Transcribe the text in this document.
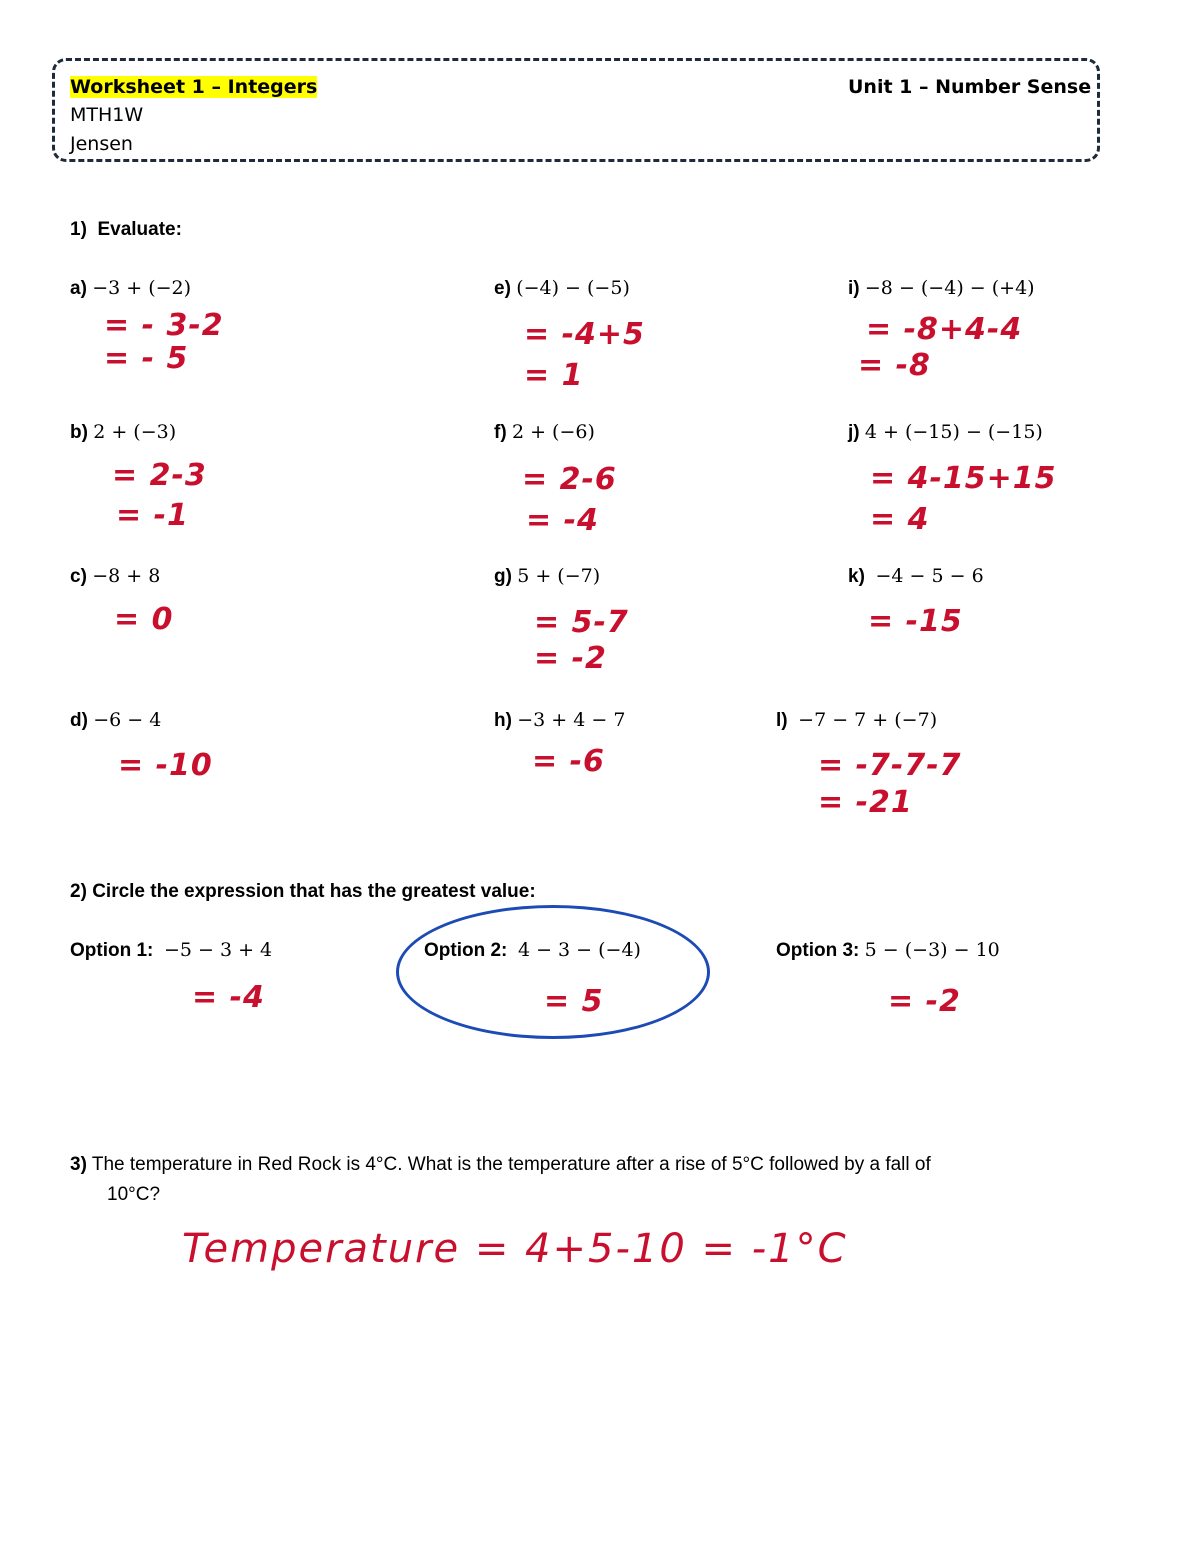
Worksheet 1 – Integers	Unit 1 – Number Sense
MTH1W
Jensen
1) Evaluate:
a) −3 + (−2)
= - 3-2
= - 5
b) 2 + (−3)
= 2-3
= -1
c) −8 + 8
= 0
d) −6 − 4
= -10
e) (−4) − (−5)
= -4+5
= 1
f) 2 + (−6)
= 2-6
= -4
g) 5 + (−7)
= 5-7
= -2
h) −3 + 4 − 7
= -6
i) −8 − (−4) − (+4)
= -8+4-4
= -8
j) 4 + (−15) − (−15)
= 4-15+15
= 4
k) −4 − 5 − 6
= -15
l) −7 − 7 + (−7)
= -7-7-7
= -21
2) Circle the expression that has the greatest value:
Option 1: −5 − 3 + 4
= -4
Option 2: 4 − 3 − (−4)
= 5
Option 3: 5 − (−3) − 10
= -2
3) The temperature in Red Rock is 4°C. What is the temperature after a rise of 5°C followed by a fall of
10°C?
Temperature = 4+5-10 = -1°C
